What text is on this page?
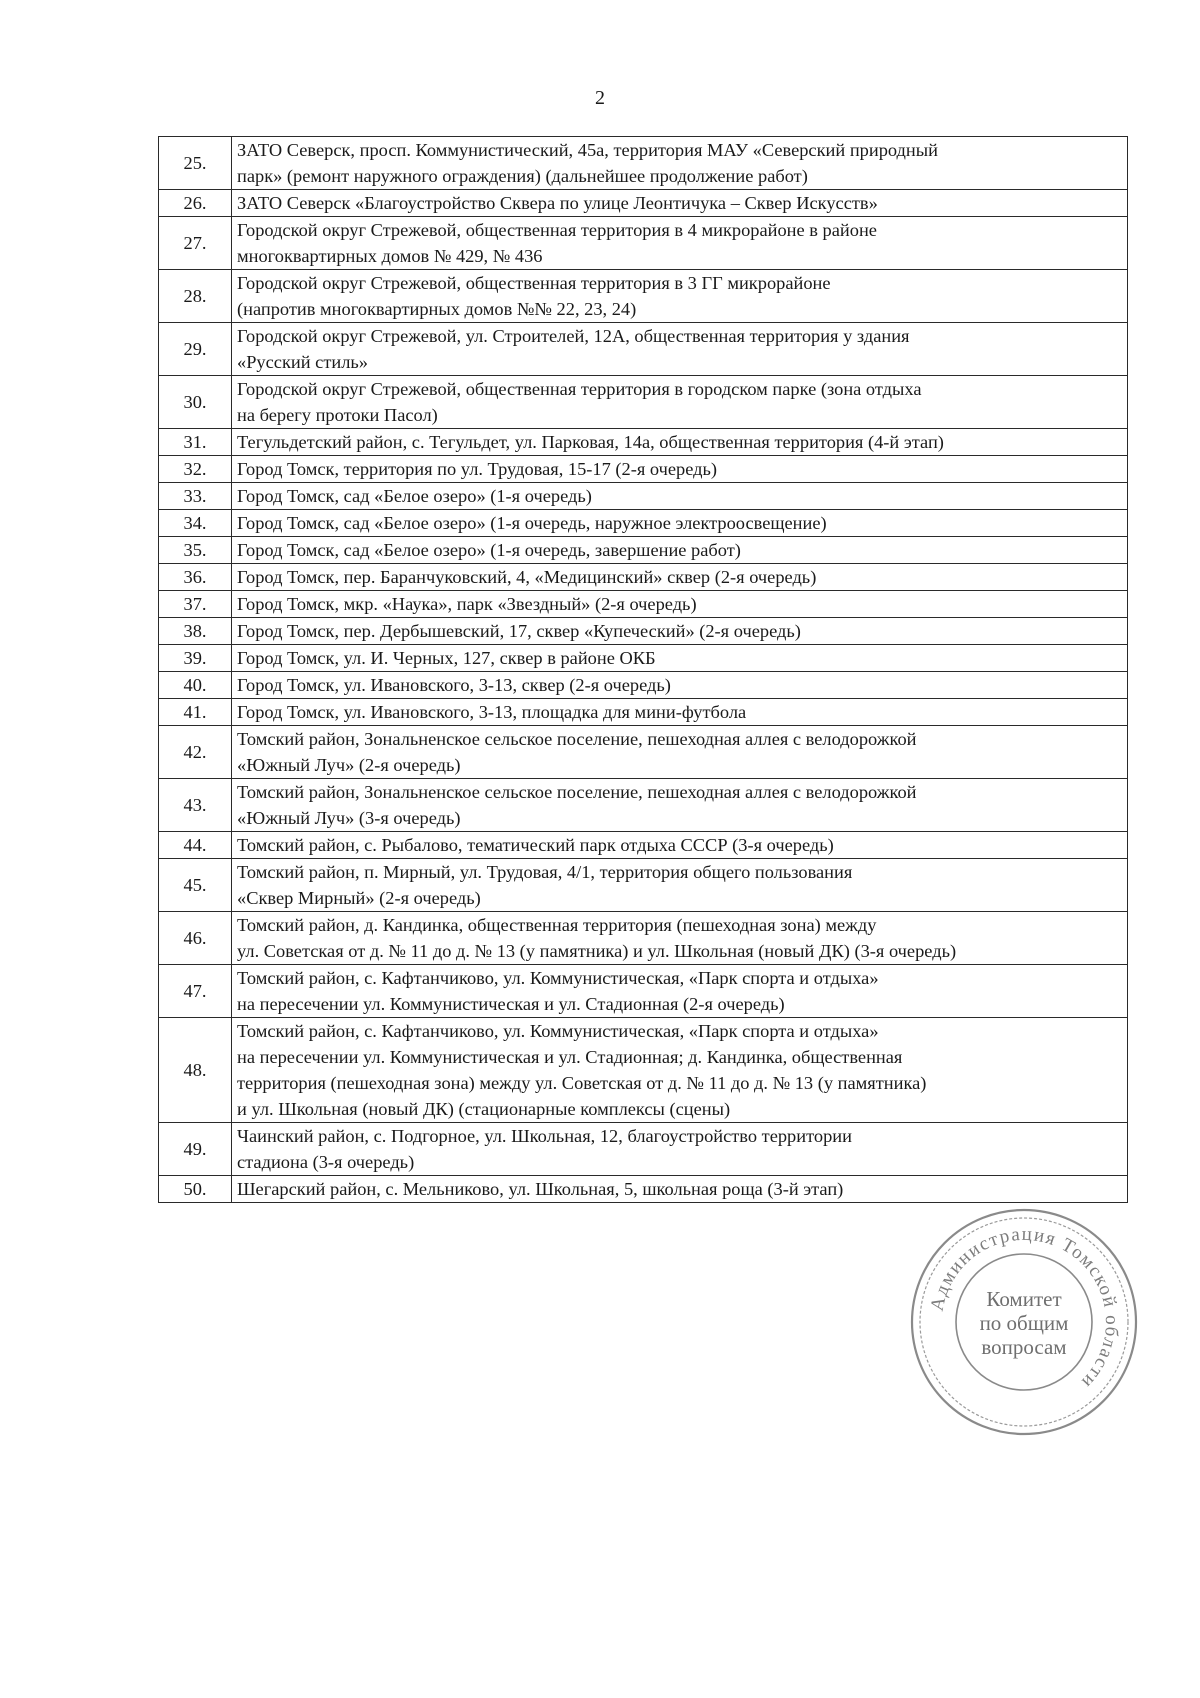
2
25.	ЗАТО Северск, просп. Коммунистический, 45а, территория МАУ «Северский природный
парк» (ремонт наружного ограждения) (дальнейшее продолжение работ)
26.	ЗАТО Северск «Благоустройство Сквера по улице Леонтичука – Сквер Искусств»
27.	Городской округ Стрежевой, общественная территория в 4 микрорайоне в районе
многоквартирных домов № 429, № 436
28.	Городской округ Стрежевой, общественная территория в 3 ГГ микрорайоне
(напротив многоквартирных домов №№ 22, 23, 24)
29.	Городской округ Стрежевой, ул. Строителей, 12А, общественная территория у здания
«Русский стиль»
30.	Городской округ Стрежевой, общественная территория в городском парке (зона отдыха
на берегу протоки Пасол)
31.	Тегульдетский район, с. Тегульдет, ул. Парковая, 14а, общественная территория (4-й этап)
32.	Город Томск, территория по ул. Трудовая, 15-17 (2-я очередь)
33.	Город Томск, сад «Белое озеро» (1-я очередь)
34.	Город Томск, сад «Белое озеро» (1-я очередь, наружное электроосвещение)
35.	Город Томск, сад «Белое озеро» (1-я очередь, завершение работ)
36.	Город Томск, пер. Баранчуковский, 4, «Медицинский» сквер (2-я очередь)
37.	Город Томск, мкр. «Наука», парк «Звездный» (2-я очередь)
38.	Город Томск, пер. Дербышевский, 17, сквер «Купеческий» (2-я очередь)
39.	Город Томск, ул. И. Черных, 127, сквер в районе ОКБ
40.	Город Томск, ул. Ивановского, 3-13, сквер (2-я очередь)
41.	Город Томск, ул. Ивановского, 3-13, площадка для мини-футбола
42.	Томский район, Зональненское сельское поселение, пешеходная аллея с велодорожкой
«Южный Луч» (2-я очередь)
43.	Томский район, Зональненское сельское поселение, пешеходная аллея с велодорожкой
«Южный Луч» (3-я очередь)
44.	Томский район, с. Рыбалово, тематический парк отдыха СССР (3-я очередь)
45.	Томский район, п. Мирный, ул. Трудовая, 4/1, территория общего пользования
«Сквер Мирный» (2-я очередь)
46.	Томский район, д. Кандинка, общественная территория (пешеходная зона) между
ул. Советская от д. № 11 до д. № 13 (у памятника) и ул. Школьная (новый ДК) (3-я очередь)
47.	Томский район, с. Кафтанчиково, ул. Коммунистическая, «Парк спорта и отдыха»
на пересечении ул. Коммунистическая и ул. Стадионная (2-я очередь)
48.	Томский район, с. Кафтанчиково, ул. Коммунистическая, «Парк спорта и отдыха»
на пересечении ул. Коммунистическая и ул. Стадионная; д. Кандинка, общественная
территория (пешеходная зона) между ул. Советская от д. № 11 до д. № 13 (у памятника)
и ул. Школьная (новый ДК) (стационарные комплексы (сцены)
49.	Чаинский район, с. Подгорное, ул. Школьная, 12, благоустройство территории
стадиона (3-я очередь)
50.	Шегарский район, с. Мельниково, ул. Школьная, 5, школьная роща (3-й этап)
Администрация Томской области
Комитет
по общим
вопросам
